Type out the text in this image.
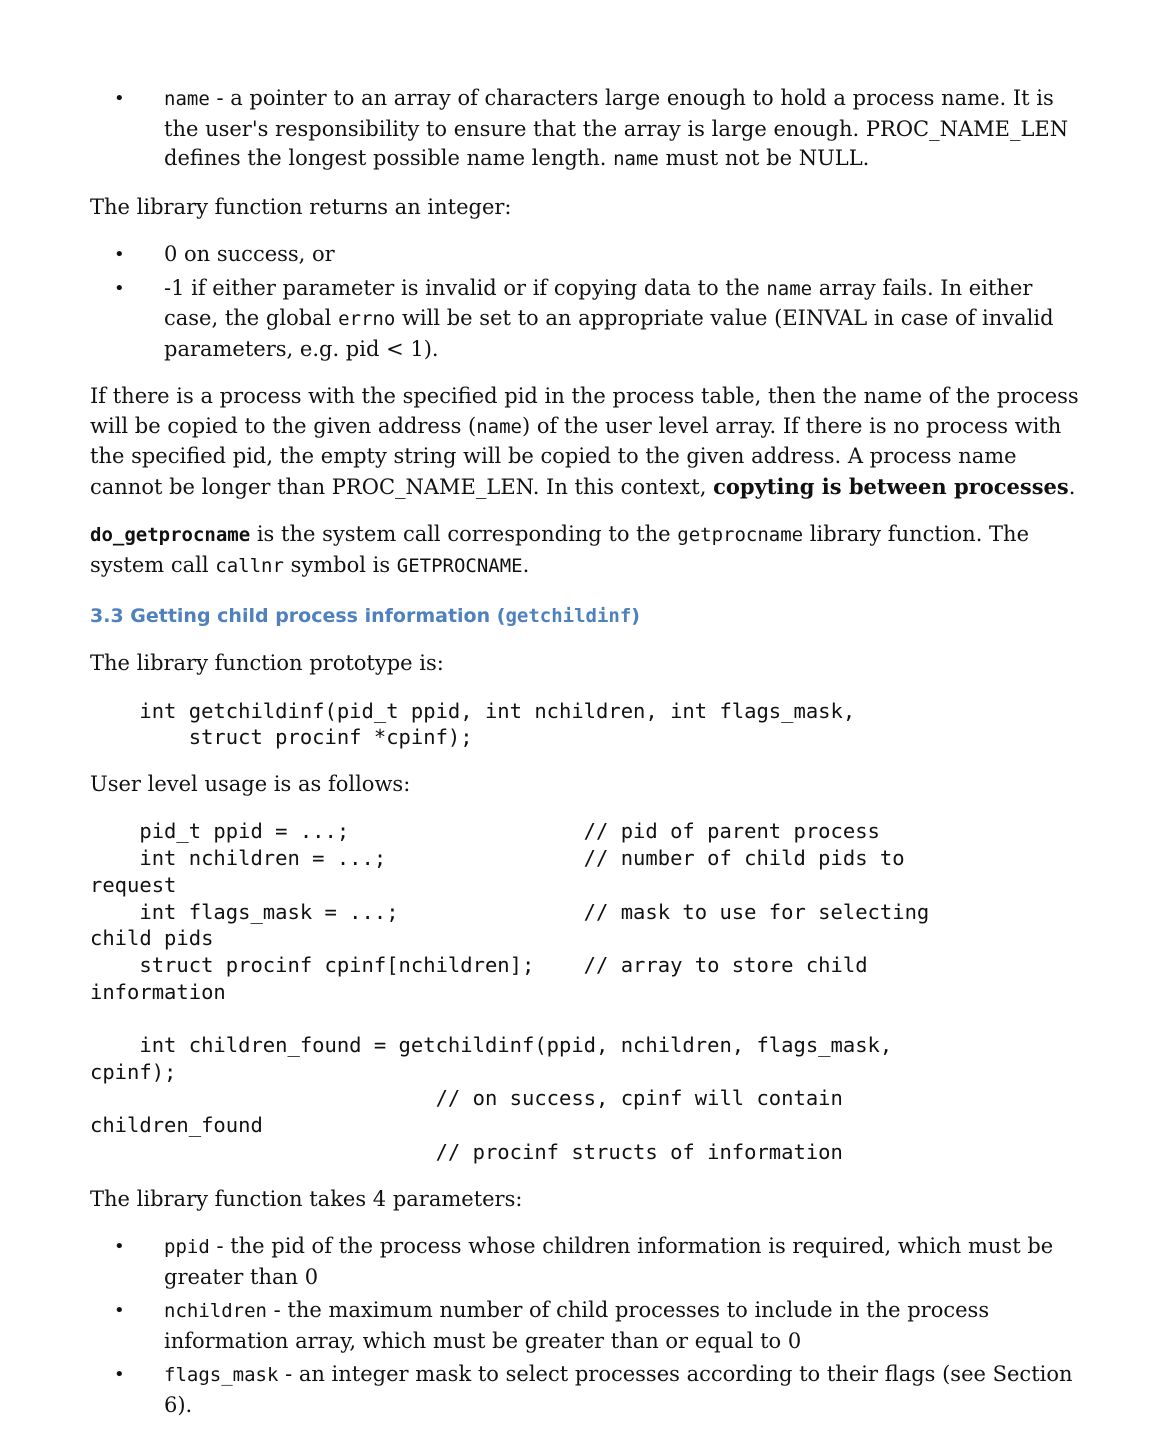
• name - a pointer to an array of characters large enough to hold a process name. It is the user's responsibility to ensure that the array is large enough. PROC_NAME_LEN defines the longest possible name length. name must not be NULL.

The library function returns an integer:

• 0 on success, or
• -1 if either parameter is invalid or if copying data to the name array fails. In either case, the global errno will be set to an appropriate value (EINVAL in case of invalid parameters, e.g. pid < 1).

If there is a process with the specified pid in the process table, then the name of the process will be copied to the given address (name) of the user level array. If there is no process with the specified pid, the empty string will be copied to the given address. A process name cannot be longer than PROC_NAME_LEN. In this context, copyting is between processes.

do_getprocname is the system call corresponding to the getprocname library function. The system call callnr symbol is GETPROCNAME.

3.3 Getting child process information (getchildinf)

The library function prototype is:

int getchildinf(pid_t ppid, int nchildren, int flags_mask,
struct procinf *cpinf);

User level usage is as follows:

pid_t ppid = ...;                   // pid of parent process
int nchildren = ...;                // number of child pids to
request
int flags_mask = ...;               // mask to use for selecting
child pids
struct procinf cpinf[nchildren];    // array to store child
information

int children_found = getchildinf(ppid, nchildren, flags_mask,
cpinf);
// on success, cpinf will contain
children_found
// procinf structs of information

The library function takes 4 parameters:

• ppid - the pid of the process whose children information is required, which must be greater than 0
• nchildren - the maximum number of child processes to include in the process information array, which must be greater than or equal to 0
• flags_mask - an integer mask to select processes according to their flags (see Section 6).
